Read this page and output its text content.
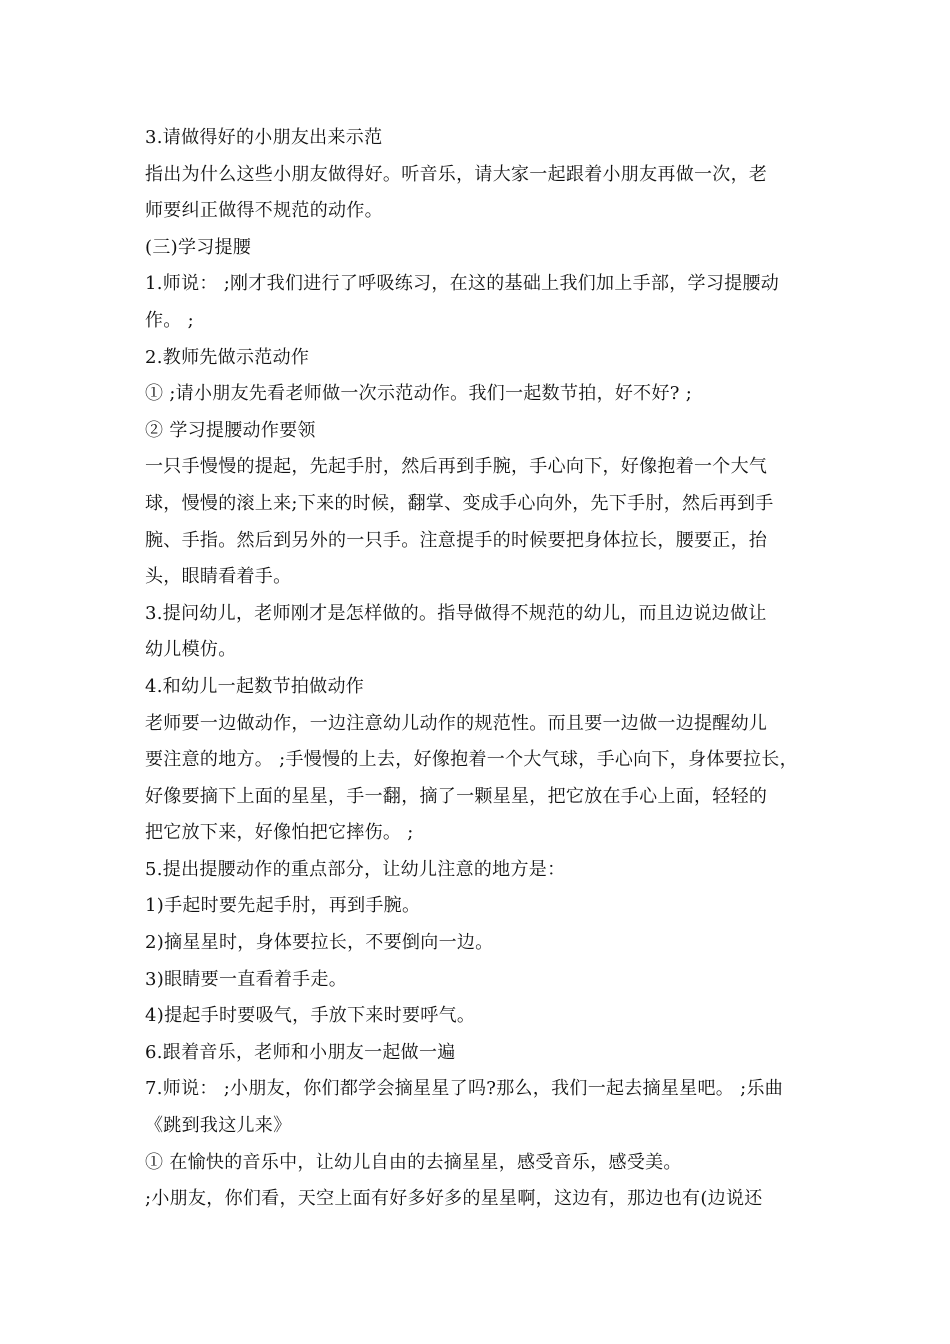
3.请做得好的小朋友出来示范

指出为什么这些小朋友做得好。听音乐，请大家一起跟着小朋友再做一次，老

师要纠正做得不规范的动作。

(三)学习提腰

1.师说： ;刚才我们进行了呼吸练习，在这的基础上我们加上手部，学习提腰动

作。 ;

2.教师先做示范动作

① ;请小朋友先看老师做一次示范动作。我们一起数节拍，好不好? ;

② 学习提腰动作要领

一只手慢慢的提起，先起手肘，然后再到手腕，手心向下，好像抱着一个大气

球，慢慢的滚上来;下来的时候，翻掌、变成手心向外，先下手肘，然后再到手

腕、手指。然后到另外的一只手。注意提手的时候要把身体拉长，腰要正，抬

头，眼睛看着手。

3.提问幼儿，老师刚才是怎样做的。指导做得不规范的幼儿，而且边说边做让

幼儿模仿。

4.和幼儿一起数节拍做动作

老师要一边做动作，一边注意幼儿动作的规范性。而且要一边做一边提醒幼儿

要注意的地方。 ;手慢慢的上去，好像抱着一个大气球，手心向下，身体要拉长，

好像要摘下上面的星星，手一翻，摘了一颗星星，把它放在手心上面，轻轻的

把它放下来，好像怕把它摔伤。 ;

5.提出提腰动作的重点部分，让幼儿注意的地方是：

1)手起时要先起手肘，再到手腕。

2)摘星星时，身体要拉长，不要倒向一边。

3)眼睛要一直看着手走。

4)提起手时要吸气，手放下来时要呼气。

6.跟着音乐，老师和小朋友一起做一遍

7.师说： ;小朋友，你们都学会摘星星了吗?那么，我们一起去摘星星吧。 ;乐曲

《跳到我这儿来》

① 在愉快的音乐中，让幼儿自由的去摘星星，感受音乐，感受美。

;小朋友，你们看，天空上面有好多好多的星星啊，这边有，那边也有(边说还
